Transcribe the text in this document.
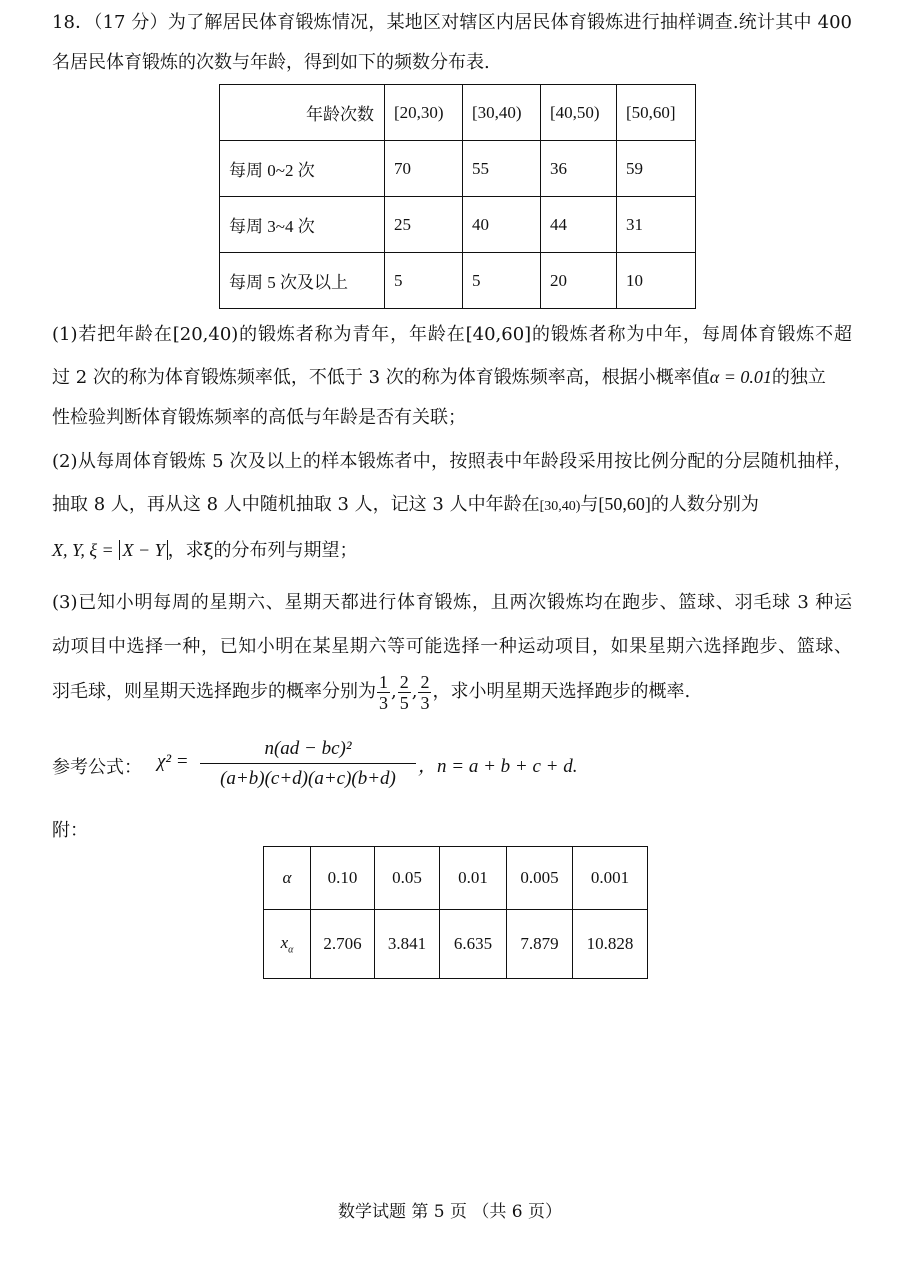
18．（17 分）为了解居民体育锻炼情况，某地区对辖区内居民体育锻炼进行抽样调查.统计其中 400
名居民体育锻炼的次数与年龄，得到如下的频数分布表.
年龄次数	[20,30)	[30,40)	[40,50)	[50,60]
每周 0~2 次	70	55	36	59
每周 3~4 次	25	40	44	31
每周 5 次及以上	5	5	20	10
(1)若把年龄在[20,40)的锻炼者称为青年，年龄在[40,60]的锻炼者称为中年，每周体育锻炼不超
过 2 次的称为体育锻炼频率低，不低于 3 次的称为体育锻炼频率高，根据小概率值α = 0.01的独立
性检验判断体育锻炼频率的高低与年龄是否有关联；
(2)从每周体育锻炼 5 次及以上的样本锻炼者中，按照表中年龄段采用按比例分配的分层随机抽样，
抽取 8 人，再从这 8 人中随机抽取 3 人，记这 3 人中年龄在[30,40)与[50,60]的人数分别为
X, Y, ξ = X − Y ，求ξ的分布列与期望；
(3)已知小明每周的星期六、星期天都进行体育锻炼，且两次锻炼均在跑步、篮球、羽毛球 3 种运
动项目中选择一种，已知小明在某星期六等可能选择一种运动项目，如果星期六选择跑步、篮球、
羽毛球，则星期天选择跑步的概率分别为 $\frac{1}{3}$ , $\frac{2}{5}$ , $\frac{2}{3}$ ，求小明星期天选择跑步的概率.
参考公式： χ² =
n(ad − bc)²
(a+b)(c+d)(a+c)(b+d)
，n = a + b + c + d.
附：
α	0.10	0.05	0.01	0.005	0.001
$x_\alpha$	2.706	3.841	6.635	7.879	10.828
数学试题 第 5 页 （共 6 页）
